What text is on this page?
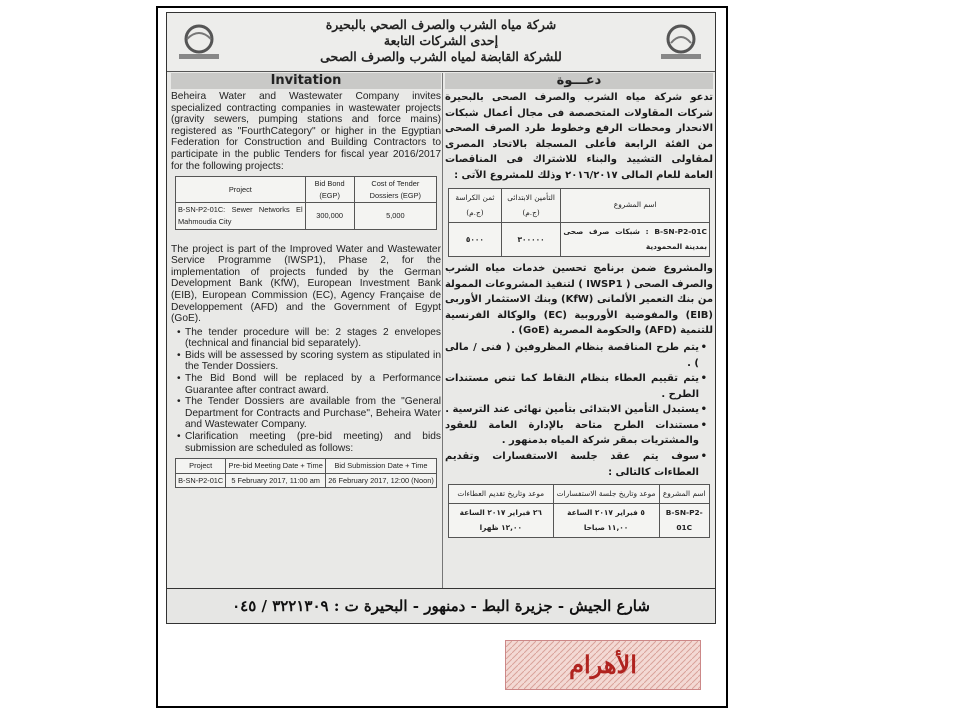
شركة مياه الشرب والصرف الصحي بالبحيرة
إحدى الشركات التابعة
للشركة القابضة لمياه الشرب والصرف الصحى
Invitation

Beheira Water and Wastewater Company invites specialized contracting companies in wastewater projects (gravity sewers, pumping stations and force mains) registered as "FourthCategory" or higher in the Egyptian Federation for Construction and Building Contractors to participate in the public Tenders for fiscal year 2016/2017 for the following projects:

Project	Bid Bond (EGP)	Cost of Tender Dossiers (EGP)
B-SN-P2-01C: Sewer Networks El Mahmoudia City	300,000	5,000

The project is part of the Improved Water and Wastewater Service Programme (IWSP1), Phase 2, for the implementation of projects funded by the German Development Bank (KfW), European Investment Bank (EIB), European Commission (EC), Agency Française de Developpement (AFD) and the Government of Egypt (GoE).

• The tender procedure will be: 2 stages 2 envelopes (technical and financial bid separately).
• Bids will be assessed by scoring system as stipulated in the Tender Dossiers.
• The Bid Bond will be replaced by a Performance Guarantee after contract award.
• The Tender Dossiers are available from the "General Department for Contracts and Purchase", Beheira Water and Wastewater Company.
• Clarification meeting (pre-bid meeting) and bids submission are scheduled as follows:
Project	Pre-bid Meeting Date + Time	Bid Submission Date + Time
B-SN-P2-01C	5 February 2017, 11:00 am	26 February 2017, 12:00 (Noon)
دعـــوة

تدعو شركة مياه الشرب والصرف الصحى بالبحيرة شركات المقاولات المتخصصة فى مجال أعمال شبكات الانحدار ومحطات الرفع وخطوط طرد الصرف الصحى من الفئة الرابعة فأعلى المسجلة بالاتحاد المصرى لمقاولى التشييد والبناء للاشتراك فى المناقصات العامة للعام المالى ٢٠١٦/٢٠١٧ وذلك للمشروع الآتى :

اسم المشروع	التأمين الابتدائى (ج.م)	ثمن الكراسة (ج.م)
B-SN-P2-01C : شبكات صرف صحى بمدينة المحمودية	٣٠٠٠٠٠	٥٠٠٠

والمشروع ضمن برنامج تحسين خدمات مياه الشرب والصرف الصحى ( IWSP1 ) لتنفيذ المشروعات الممولة من بنك التعمير الألمانى (KfW) وبنك الاستثمار الأوربى (EIB) والمفوضية الأوروبية (EC) والوكالة الفرنسية للتنمية (AFD) والحكومة المصرية (GoE) .

• يتم طرح المناقصة بنظام المظروفين ( فنى / مالى ) .
• يتم تقييم العطاء بنظام النقاط كما تنص مستندات الطرح .
• يستبدل التأمين الابتدائى بتأمين نهائى عند الترسية .
• مستندات الطرح متاحة بالإدارة العامة للعقود والمشتريات بمقر شركة المياه بدمنهور .
• سوف يتم عقد جلسة الاستفسارات وتقديم العطاءات كالتالى :
اسم المشروع	موعد وتاريخ جلسة الاستفسارات	موعد وتاريخ تقديم العطاءات
B-SN-P2-01C	٥ فبراير ٢٠١٧ الساعة ١١,٠٠ صباحا	٢٦ فبراير ٢٠١٧ الساعة ١٢,٠٠ ظهرا
شارع الجيش - جزيرة البط - دمنهور - البحيرة ت : ٣٢٢١٣٠٩ / ٠٤٥
الأهرام
